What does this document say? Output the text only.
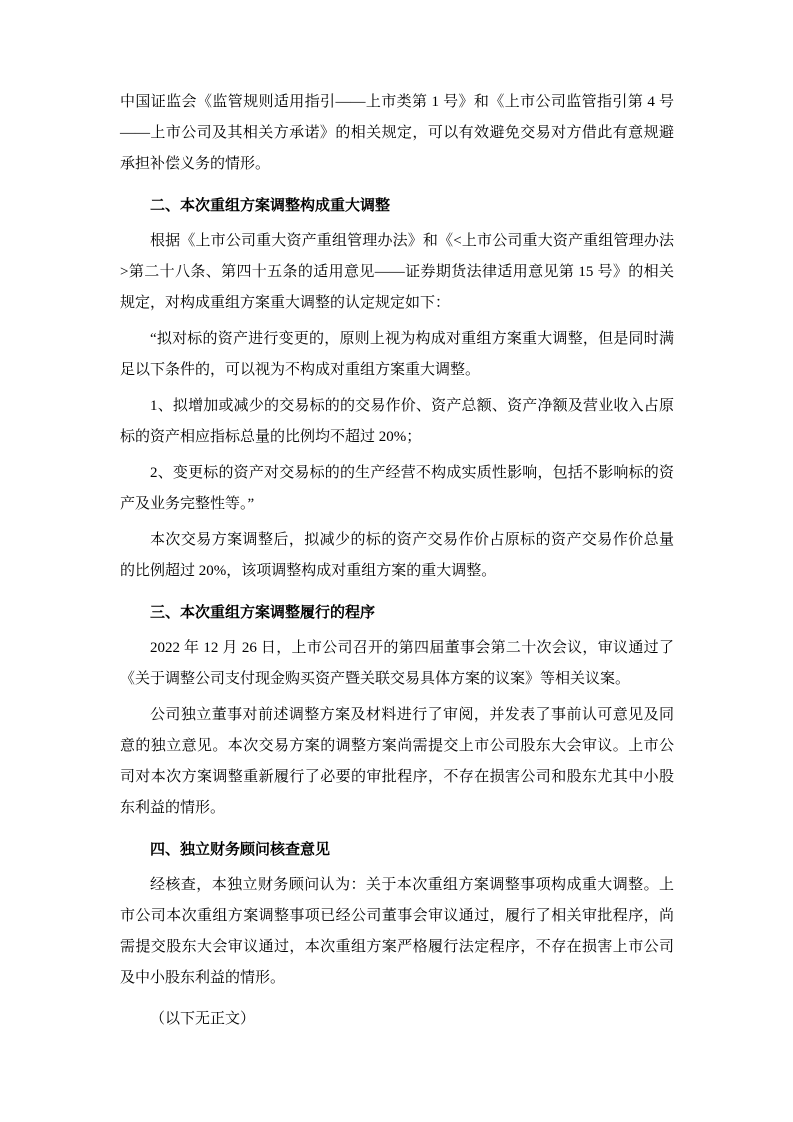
中国证监会《监管规则适用指引——上市类第 1 号》和《上市公司监管指引第 4 号——上市公司及其相关方承诺》的相关规定，可以有效避免交易对方借此有意规避承担补偿义务的情形。

二、本次重组方案调整构成重大调整

根据《上市公司重大资产重组管理办法》和《<上市公司重大资产重组管理办法>第二十八条、第四十五条的适用意见——证券期货法律适用意见第 15 号》的相关规定，对构成重组方案重大调整的认定规定如下：

“拟对标的资产进行变更的，原则上视为构成对重组方案重大调整，但是同时满足以下条件的，可以视为不构成对重组方案重大调整。

1、拟增加或减少的交易标的的交易作价、资产总额、资产净额及营业收入占原标的资产相应指标总量的比例均不超过 20%；

2、变更标的资产对交易标的的生产经营不构成实质性影响，包括不影响标的资产及业务完整性等。”

本次交易方案调整后，拟减少的标的资产交易作价占原标的资产交易作价总量的比例超过 20%，该项调整构成对重组方案的重大调整。

三、本次重组方案调整履行的程序

2022 年 12 月 26 日，上市公司召开的第四届董事会第二十次会议，审议通过了《关于调整公司支付现金购买资产暨关联交易具体方案的议案》等相关议案。

公司独立董事对前述调整方案及材料进行了审阅，并发表了事前认可意见及同意的独立意见。本次交易方案的调整方案尚需提交上市公司股东大会审议。上市公司对本次方案调整重新履行了必要的审批程序，不存在损害公司和股东尤其中小股东利益的情形。

四、独立财务顾问核查意见

经核查，本独立财务顾问认为：关于本次重组方案调整事项构成重大调整。上市公司本次重组方案调整事项已经公司董事会审议通过，履行了相关审批程序，尚需提交股东大会审议通过，本次重组方案严格履行法定程序，不存在损害上市公司及中小股东利益的情形。

（以下无正文）
